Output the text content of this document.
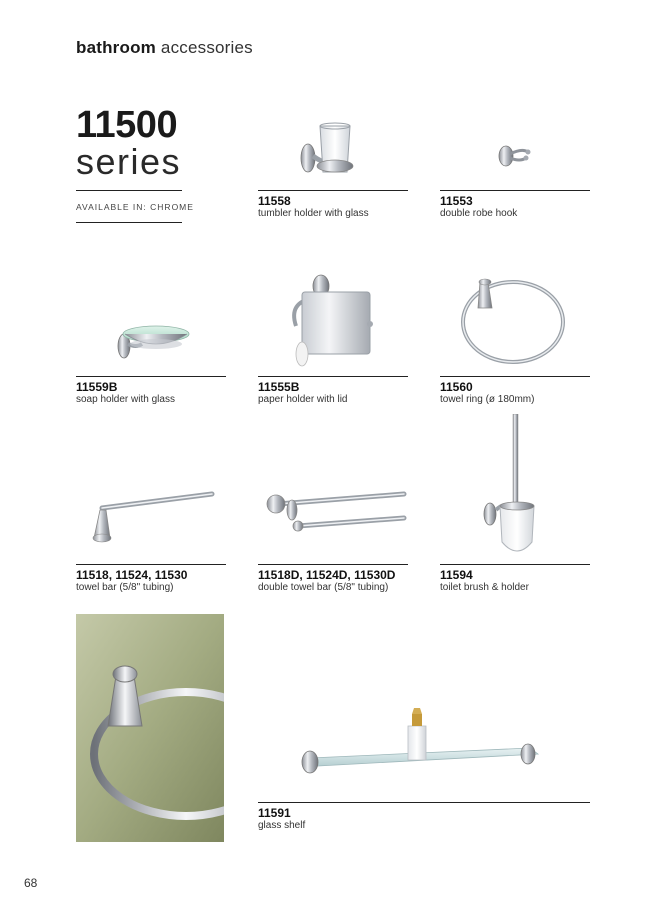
bathroom accessories
11500
series
AVAILABLE IN: CHROME	11558
tumbler holder with glass
11553
double robe hook
11559B
soap holder with glass
11555B
paper holder with lid
11560
towel ring (ø 180mm)
11518, 11524, 11530
towel bar (5/8" tubing)
11518D, 11524D, 11530D
double towel bar (5/8" tubing)
11594
toilet brush & holder
11591
glass shelf
68
